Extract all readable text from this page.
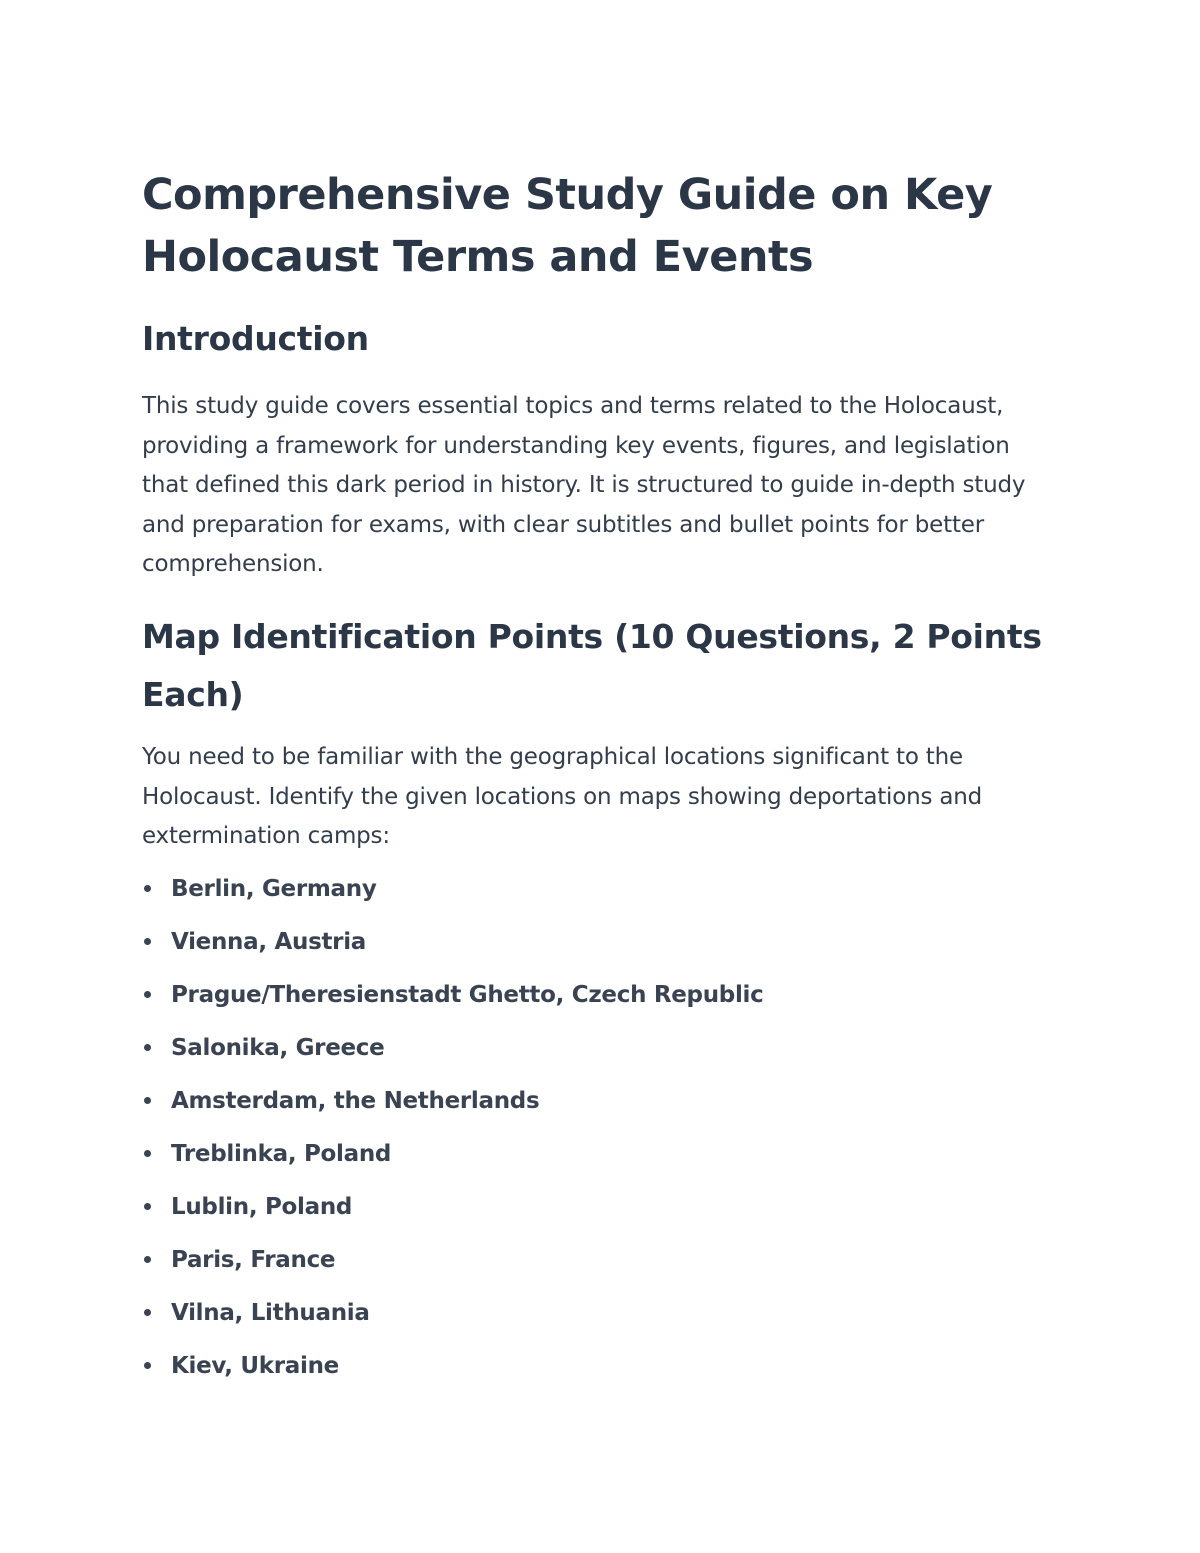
Comprehensive Study Guide on Key Holocaust Terms and Events
Introduction

This study guide covers essential topics and terms related to the Holocaust, providing a framework for understanding key events, figures, and legislation that defined this dark period in history. It is structured to guide in-depth study and preparation for exams, with clear subtitles and bullet points for better comprehension.

Map Identification Points (10 Questions, 2 Points Each)

You need to be familiar with the geographical locations significant to the Holocaust. Identify the given locations on maps showing deportations and extermination camps:

Berlin, Germany
Vienna, Austria
Prague/Theresienstadt Ghetto, Czech Republic
Salonika, Greece
Amsterdam, the Netherlands
Treblinka, Poland
Lublin, Poland
Paris, France
Vilna, Lithuania
Kiev, Ukraine
